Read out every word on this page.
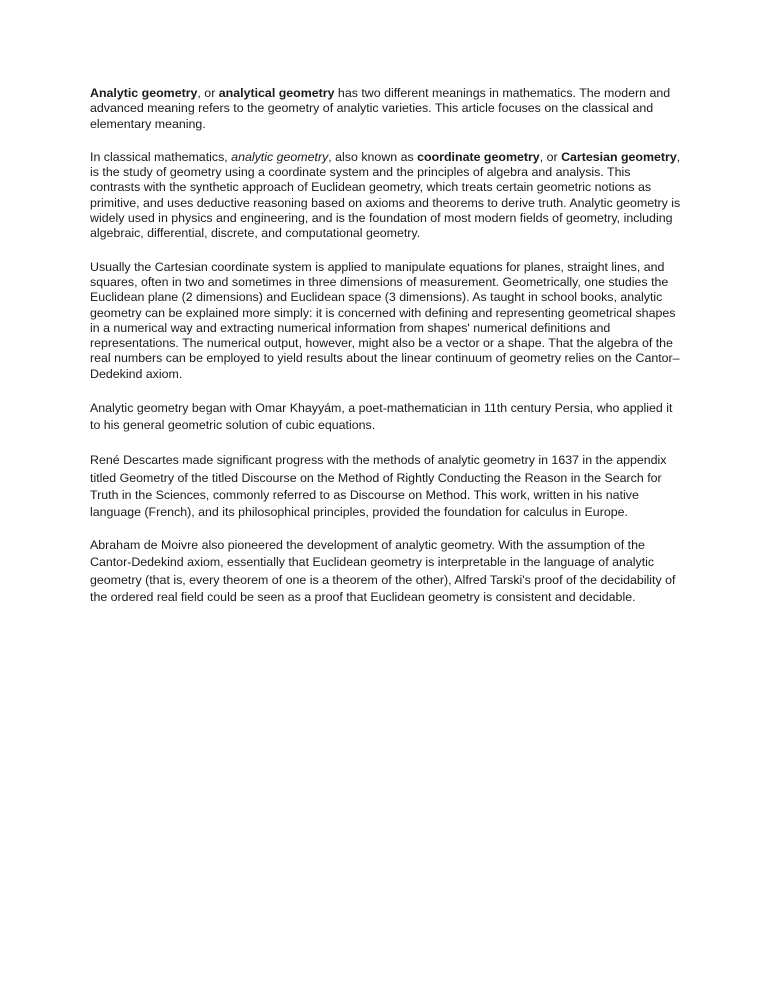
Analytic geometry, or analytical geometry has two different meanings in mathematics. The modern and advanced meaning refers to the geometry of analytic varieties. This article focuses on the classical and elementary meaning.

In classical mathematics, analytic geometry, also known as coordinate geometry, or Cartesian geometry, is the study of geometry using a coordinate system and the principles of algebra and analysis. This contrasts with the synthetic approach of Euclidean geometry, which treats certain geometric notions as primitive, and uses deductive reasoning based on axioms and theorems to derive truth. Analytic geometry is widely used in physics and engineering, and is the foundation of most modern fields of geometry, including algebraic, differential, discrete, and computational geometry.

Usually the Cartesian coordinate system is applied to manipulate equations for planes, straight lines, and squares, often in two and sometimes in three dimensions of measurement. Geometrically, one studies the Euclidean plane (2 dimensions) and Euclidean space (3 dimensions). As taught in school books, analytic geometry can be explained more simply: it is concerned with defining and representing geometrical shapes in a numerical way and extracting numerical information from shapes' numerical definitions and representations. The numerical output, however, might also be a vector or a shape. That the algebra of the real numbers can be employed to yield results about the linear continuum of geometry relies on the Cantor–Dedekind axiom.

Analytic geometry began with Omar Khayyám, a poet-mathematician in 11th century Persia, who applied it to his general geometric solution of cubic equations.

René Descartes made significant progress with the methods of analytic geometry in 1637 in the appendix titled Geometry of the titled Discourse on the Method of Rightly Conducting the Reason in the Search for Truth in the Sciences, commonly referred to as Discourse on Method. This work, written in his native language (French), and its philosophical principles, provided the foundation for calculus in Europe.

Abraham de Moivre also pioneered the development of analytic geometry. With the assumption of the Cantor-Dedekind axiom, essentially that Euclidean geometry is interpretable in the language of analytic geometry (that is, every theorem of one is a theorem of the other), Alfred Tarski's proof of the decidability of the ordered real field could be seen as a proof that Euclidean geometry is consistent and decidable.
